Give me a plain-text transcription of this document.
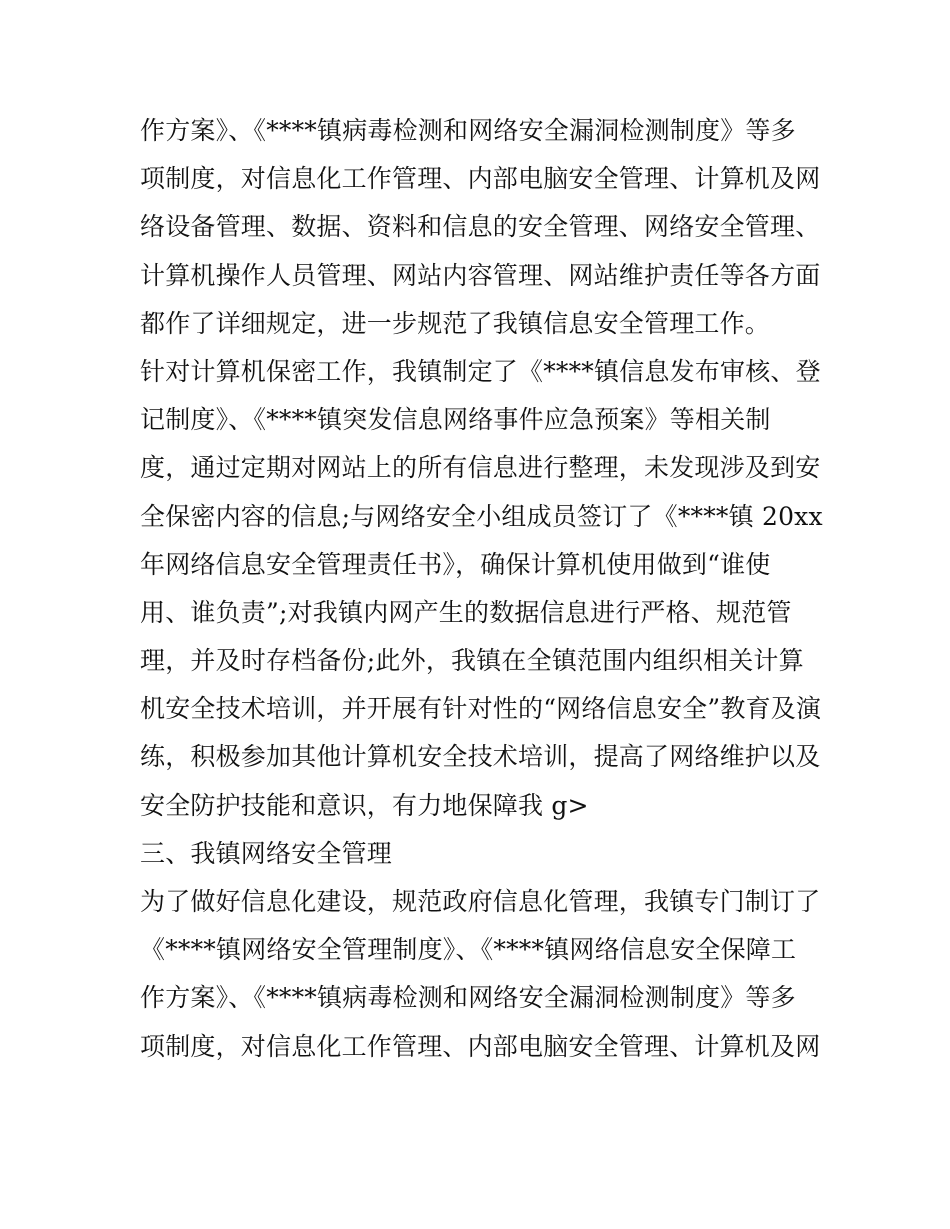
作方案》、《****镇病毒检测和网络安全漏洞检测制度》等多
项制度，对信息化工作管理、内部电脑安全管理、计算机及网
络设备管理、数据、资料和信息的安全管理、网络安全管理、
计算机操作人员管理、网站内容管理、网站维护责任等各方面
都作了详细规定，进一步规范了我镇信息安全管理工作。
针对计算机保密工作，我镇制定了《****镇信息发布审核、登
记制度》、《****镇突发信息网络事件应急预案》等相关制
度，通过定期对网站上的所有信息进行整理，未发现涉及到安
全保密内容的信息;与网络安全小组成员签订了《****镇 20xx
年网络信息安全管理责任书》，确保计算机使用做到“谁使
用、谁负责”;对我镇内网产生的数据信息进行严格、规范管
理，并及时存档备份;此外，我镇在全镇范围内组织相关计算
机安全技术培训，并开展有针对性的“网络信息安全”教育及演
练，积极参加其他计算机安全技术培训，提高了网络维护以及
安全防护技能和意识，有力地保障我 g>
三、我镇网络安全管理
为了做好信息化建设，规范政府信息化管理，我镇专门制订了
《****镇网络安全管理制度》、《****镇网络信息安全保障工
作方案》、《****镇病毒检测和网络安全漏洞检测制度》等多
项制度，对信息化工作管理、内部电脑安全管理、计算机及网
